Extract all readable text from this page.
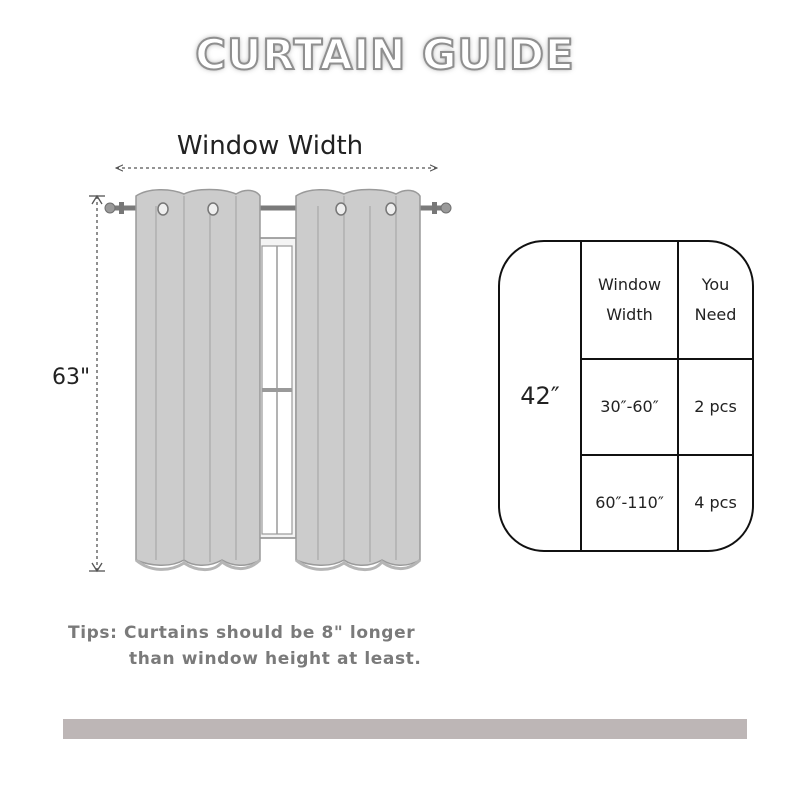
CURTAIN GUIDE
Window Width
63"
42″
Window
Width
You
Need
30″-60″	2 pcs
60″-110″	4 pcs
Tips: Curtains should be 8" longer
than window height at least.
